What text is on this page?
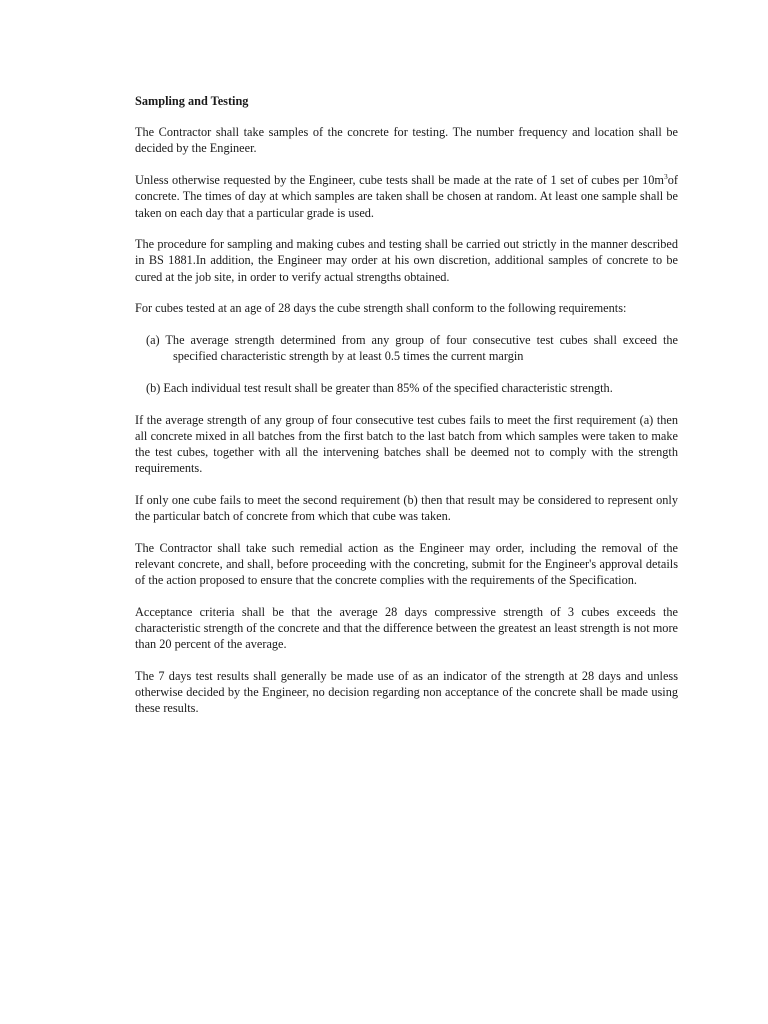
Sampling and Testing

The Contractor shall take samples of the concrete for testing. The number frequency and location shall be decided by the Engineer.

Unless otherwise requested by the Engineer, cube tests shall be made at the rate of 1 set of cubes per $10m^3of$ concrete. The times of day at which samples are taken shall be chosen at random. At least one sample shall be taken on each day that a particular grade is used.

The procedure for sampling and making cubes and testing shall be carried out strictly in the manner described in BS 1881.In addition, the Engineer may order at his own discretion, additional samples of concrete to be cured at the job site, in order to verify actual strengths obtained.

For cubes tested at an age of 28 days the cube strength shall conform to the following requirements:

(a) The average strength determined from any group of four consecutive test cubes shall exceed the specified characteristic strength by at least 0.5 times the current margin
(b) Each individual test result shall be greater than 85% of the specified characteristic strength.

If the average strength of any group of four consecutive test cubes fails to meet the first requirement (a) then all concrete mixed in all batches from the first batch to the last batch from which samples were taken to make the test cubes, together with all the intervening batches shall be deemed not to comply with the strength requirements.

If only one cube fails to meet the second requirement (b) then that result may be considered to represent only the particular batch of concrete from which that cube was taken.

The Contractor shall take such remedial action as the Engineer may order, including the removal of the relevant concrete, and shall, before proceeding with the concreting, submit for the Engineer's approval details of the action proposed to ensure that the concrete complies with the requirements of the Specification.

Acceptance criteria shall be that the average 28 days compressive strength of 3 cubes exceeds the characteristic strength of the concrete and that the difference between the greatest an least strength is not more than 20 percent of the average.

The 7 days test results shall generally be made use of as an indicator of the strength at 28 days and unless otherwise decided by the Engineer, no decision regarding non acceptance of the concrete shall be made using these results.
